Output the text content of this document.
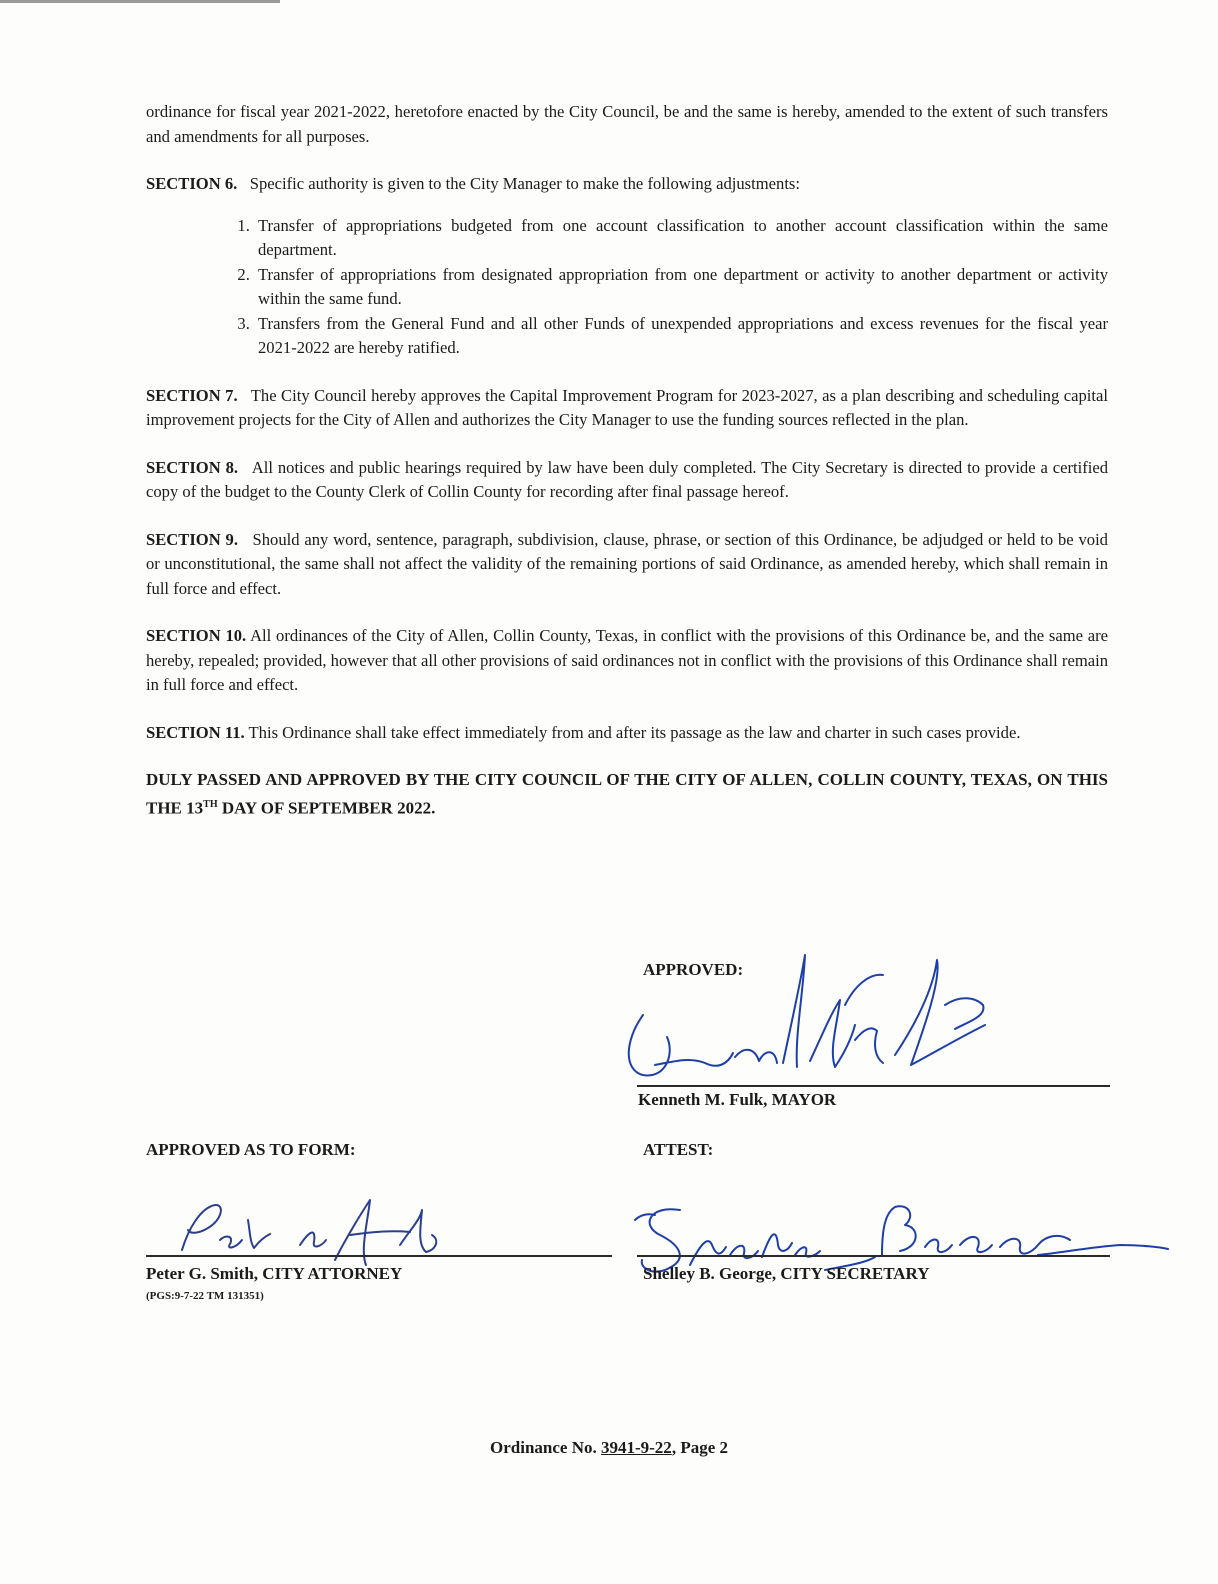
ordinance for fiscal year 2021-2022, heretofore enacted by the City Council, be and the same is hereby, amended to the extent of such transfers and amendments for all purposes.

SECTION 6. Specific authority is given to the City Manager to make the following adjustments:

1. Transfer of appropriations budgeted from one account classification to another account classification within the same department.
2. Transfer of appropriations from designated appropriation from one department or activity to another department or activity within the same fund.
3. Transfers from the General Fund and all other Funds of unexpended appropriations and excess revenues for the fiscal year 2021-2022 are hereby ratified.

SECTION 7. The City Council hereby approves the Capital Improvement Program for 2023-2027, as a plan describing and scheduling capital improvement projects for the City of Allen and authorizes the City Manager to use the funding sources reflected in the plan.

SECTION 8. All notices and public hearings required by law have been duly completed. The City Secretary is directed to provide a certified copy of the budget to the County Clerk of Collin County for recording after final passage hereof.

SECTION 9. Should any word, sentence, paragraph, subdivision, clause, phrase, or section of this Ordinance, be adjudged or held to be void or unconstitutional, the same shall not affect the validity of the remaining portions of said Ordinance, as amended hereby, which shall remain in full force and effect.

SECTION 10. All ordinances of the City of Allen, Collin County, Texas, in conflict with the provisions of this Ordinance be, and the same are hereby, repealed; provided, however that all other provisions of said ordinances not in conflict with the provisions of this Ordinance shall remain in full force and effect.

SECTION 11. This Ordinance shall take effect immediately from and after its passage as the law and charter in such cases provide.

DULY PASSED AND APPROVED BY THE CITY COUNCIL OF THE CITY OF ALLEN, COLLIN COUNTY, TEXAS, ON THIS THE 13TH DAY OF SEPTEMBER 2022.

APPROVED:
Kenneth M. Fulk, MAYOR
APPROVED AS TO FORM:
Peter G. Smith, CITY ATTORNEY
(PGS:9-7-22 TM 131351)
ATTEST:
Shelley B. George, CITY SECRETARY
Ordinance No. 3941-9-22, Page 2
